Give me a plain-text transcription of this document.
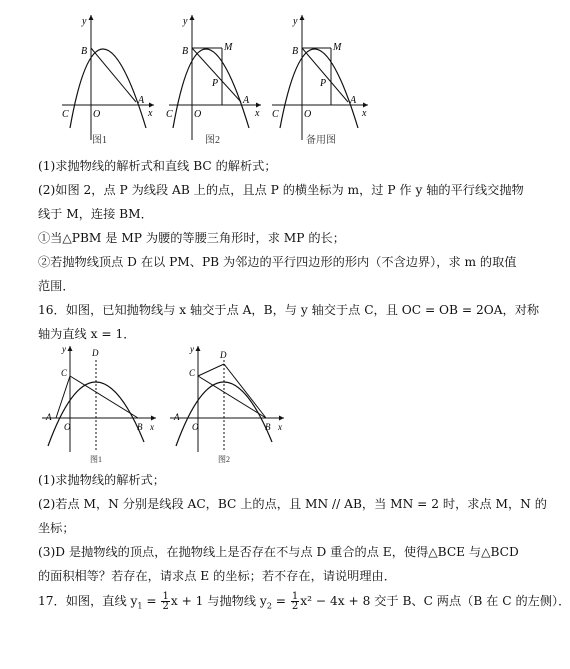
y
x
B
A
C O
图1
y
x
B	M
P
A
C O
图2
y
x
B	M
P
A
C	O
备用图
(1)求抛物线的解析式和直线 BC 的解析式；
(2)如图 2，点 P 为线段 AB 上的点，且点 P 的横坐标为 m，过 P 作 y 轴的平行线交抛物
线于 M，连接 BM．
①当△PBM 是 MP 为腰的等腰三角形时，求 MP 的长；
②若抛物线顶点 D 在以 PM、PB 为邻边的平行四边形的形内（不含边界），求 m 的取值
范围．
16．如图，已知抛物线与 x 轴交于点 A，B，与 y 轴交于点 C，且 OC = OB = 2OA，对称
轴为直线 x = 1．
y
x
D
C
A
O	B
图1
y
x
D
C
A
O	B
图2
(1)求抛物线的解析式；
(2)若点 M，N 分别是线段 AC，BC 上的点，且 MN // AB，当 MN = 2 时，求点 M，N 的
坐标；
(3)D 是抛物线的顶点，在抛物线上是否存在不与点 D 重合的点 E，使得△BCE 与△BCD
的面积相等？若存在，请求点 E 的坐标；若不存在，请说明理由．
17．如图，直线 $y_1 = \frac{1}{2}$ x + 1 与抛物线 $y_2 = \frac{1}{2} x^2 - 4x + 8$ 交于 B、C 两点（B 在 C 的左侧）．
